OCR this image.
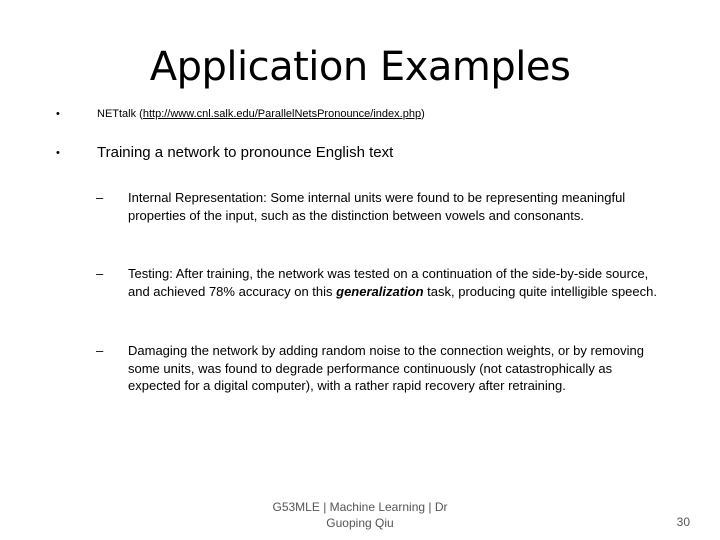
Application Examples
•	NETtalk (http://www.cnl.salk.edu/ParallelNetsPronounce/index.php)
• Training a network to pronounce English text
– Internal Representation: Some internal units were found to be representing meaningful properties of the input, such as the distinction between vowels and consonants.
– Testing: After training, the network was tested on a continuation of the side-by-side source, and achieved 78% accuracy on this generalization task, producing quite intelligible speech.
– Damaging the network by adding random noise to the connection weights, or by removing some units, was found to degrade performance continuously (not catastrophically as expected for a digital computer), with a rather rapid recovery after retraining.
G53MLE | Machine Learning | Dr Guoping Qiu	30
